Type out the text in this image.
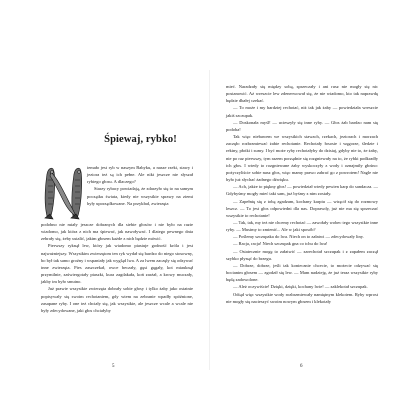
Śpiewaj, rybko!

iemało jest ryb w naszym Babyku, a nasze rzeki, stawy i jeziora też są ich pełne. Ale nikt jeszcze nie słyszał rybiego głosu. A dlaczego?

Starzy rybacy powiadają, że zdarzyło się to na samym początku świata, kiedy nie wszystkie sprawy na ziemi były uporządkowane. Na przykład, zwierzęta

podobno nie miały jeszcze dobranych dla siebie głosów i nie było na razie wiadomo, jak która z nich ma śpiewać, jak nawoływać. I dlatego pewnego dnia zebrały się, żeby ustalić, jakim głosem każde z nich będzie mówić.

Pierwszy ryknął lew, który jak wiadomo piastuje godność króla i jest najważniejszy. Wszystkim zwierzętom ten ryk wydał się bardzo do niego stosowny, bo był tak samo groźny i wspaniały jak wygląd lwa. A za lwem zaczęły się odzywać inne zwierzęta. Pies zaszczekał, owce beczały, gęsi gęgały, kot miauknął przymilnie, zaświergotały ptaszki, kura zagdakała, koń zarżał, a krowy muczały, jakby im było smutno.

Już prawie wszystkie zwierzęta dobrały sobie głosy i tylko żaby jako ostatnie popisywały się swoim rechotaniem, gdy wtem na zebranie wpadły spóźnione, zasapane ryby. I one też chciały się, jak wszystkie, ale jeszcze wcale a wcale nie były zdecydowane, jaki głos chciałyby

5

mieć. Naradzały się między sobą, sprzeczały i ani rusz nie mogły się nic postanowić. Aż wreszcie lew zdenerwował się, że nie wiadomo, kto tak naprawdę będzie dbałej czekać.

— To może i my bardziej rechotać, niż tak jak żaby — powiedziała wreszcie jakiś szczupak.

— Doskonała myśl! — ucieszyły się inne ryby. — Głos żab bardzo nam się podoba!

Tak więc niebawem we wszystkich stawach, rzekach, jeziorach i morzach zaczęło rozbrzmiewać żabie rechotanie. Rechotały łososie i węgorze, śledzie i rekiny, płotki i sumy. I być może ryby rechotałyby do dzisiaj, gdyby nie to, że żaby, nie po raz pierwszy, tym razem porządnie się rozgniewały na to, że rybki podkradły ich głos. I wtedy to rozgniewane żaby wyskoczyły z wody i oznajmiły głośno: pożyczyliście sobie nasz głos, więc mamy prawo zabrać go z powrotem! Nagle nie było już słychać żadnego dźwięku.

— Ach, jakże to piękny głos! — powiedział wtedy pewien karp do sandacza. — Gdybyśmy mogły mieć taki sam, już byśmy z nim zostały.

— Zapełnię się z tobą zgadzam, kochany karpiu — wtrącił się do rozmowy leszcz. — To jest głos odpowiedni dla nas. Doprawdy, już nie ma się sprzeczać wszystkie to rechotanie!

— Tak, tak, my też nie chcemy rechotać — zawołały wobec tego wszystkie inne ryby. — Musimy to zmienić... Ale w jaki sposób?

— Poślemy szczupaka do lwa. Niech on to załatwi — zdecydowały liny.

— Racja, racja! Niech szczupak gna co tchu do lwa!

— Ostatecznie mogę to załatwić — zarechotał szczupak i z zapałem zaczął szybko płynąć do brzegu.

— Dobrze, dobrze, jeśli tak koniecznie chcecie, to możecie odzywać się bocianim głosem — zgodził się lew. — Mam nadzieję, że już teraz wszystkie ryby będą zadowolone.

— Ależ oczywiście! Dzięki, dzięki, kochany lwie! — zaklekotał szczupak.

Odtąd więc wszystkie wody rozbrzmiewały namiętnym klekotem. Ryby wprost nie mogły się nacieszyć swoim nowym głosem i klekotały

6
